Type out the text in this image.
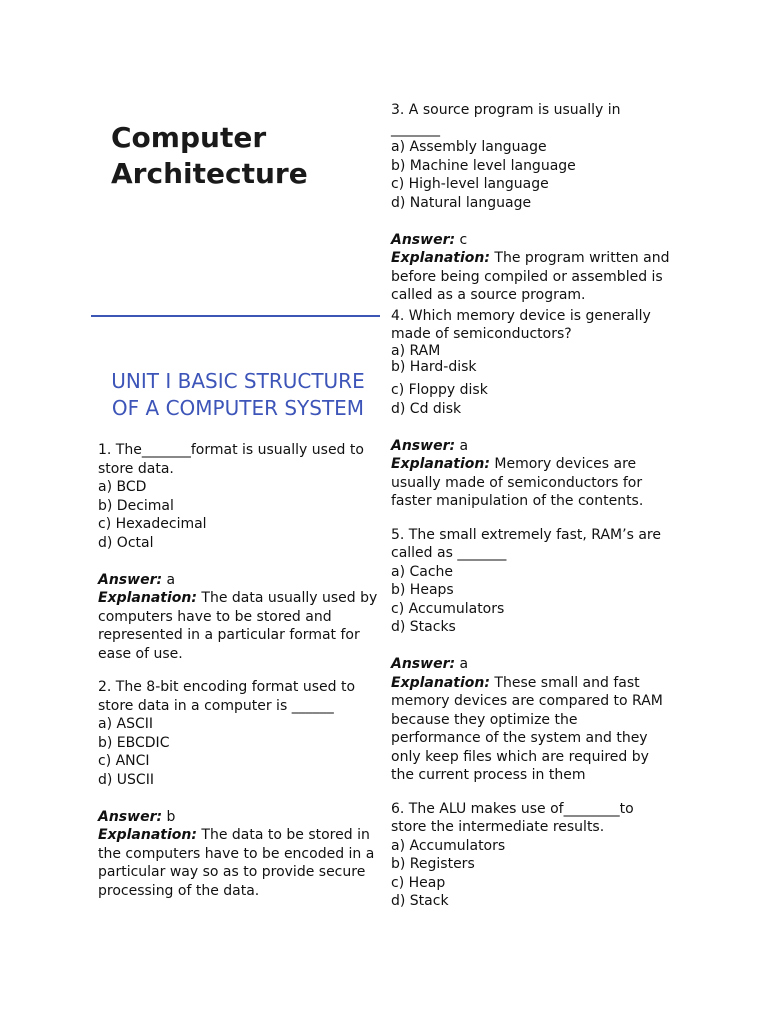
Computer
Architecture
UNIT I BASIC STRUCTURE
OF A COMPUTER SYSTEM

1. The_______format is usually used to store data.

a) BCD
b) Decimal
c) Hexadecimal
d) Octal
Answer: a
Explanation: The data usually used by computers have to be stored and represented in a particular format for ease of use.

2. The 8-bit encoding format used to store data in a computer is ______

a) ASCII
b) EBCDIC
c) ANCI
d) USCII
Answer: b
Explanation: The data to be stored in the computers have to be encoded in a particular way so as to provide secure processing of the data.

3. A source program is usually in
_______

a) Assembly language
b) Machine level language
c) High-level language
d) Natural language
Answer: c
Explanation: The program written and before being compiled or assembled is called as a source program.

4. Which memory device is generally made of semiconductors?

a) RAM
b) Hard-disk
c) Floppy disk
d) Cd disk
Answer: a
Explanation: Memory devices are usually made of semiconductors for faster manipulation of the contents.

5. The small extremely fast, RAM’s are called as _______

a) Cache
b) Heaps
c) Accumulators
d) Stacks
Answer: a
Explanation: These small and fast memory devices are compared to RAM because they optimize the performance of the system and they only keep files which are required by the current process in them

6. The ALU makes use of________to store the intermediate results.

a) Accumulators
b) Registers
c) Heap
d) Stack
